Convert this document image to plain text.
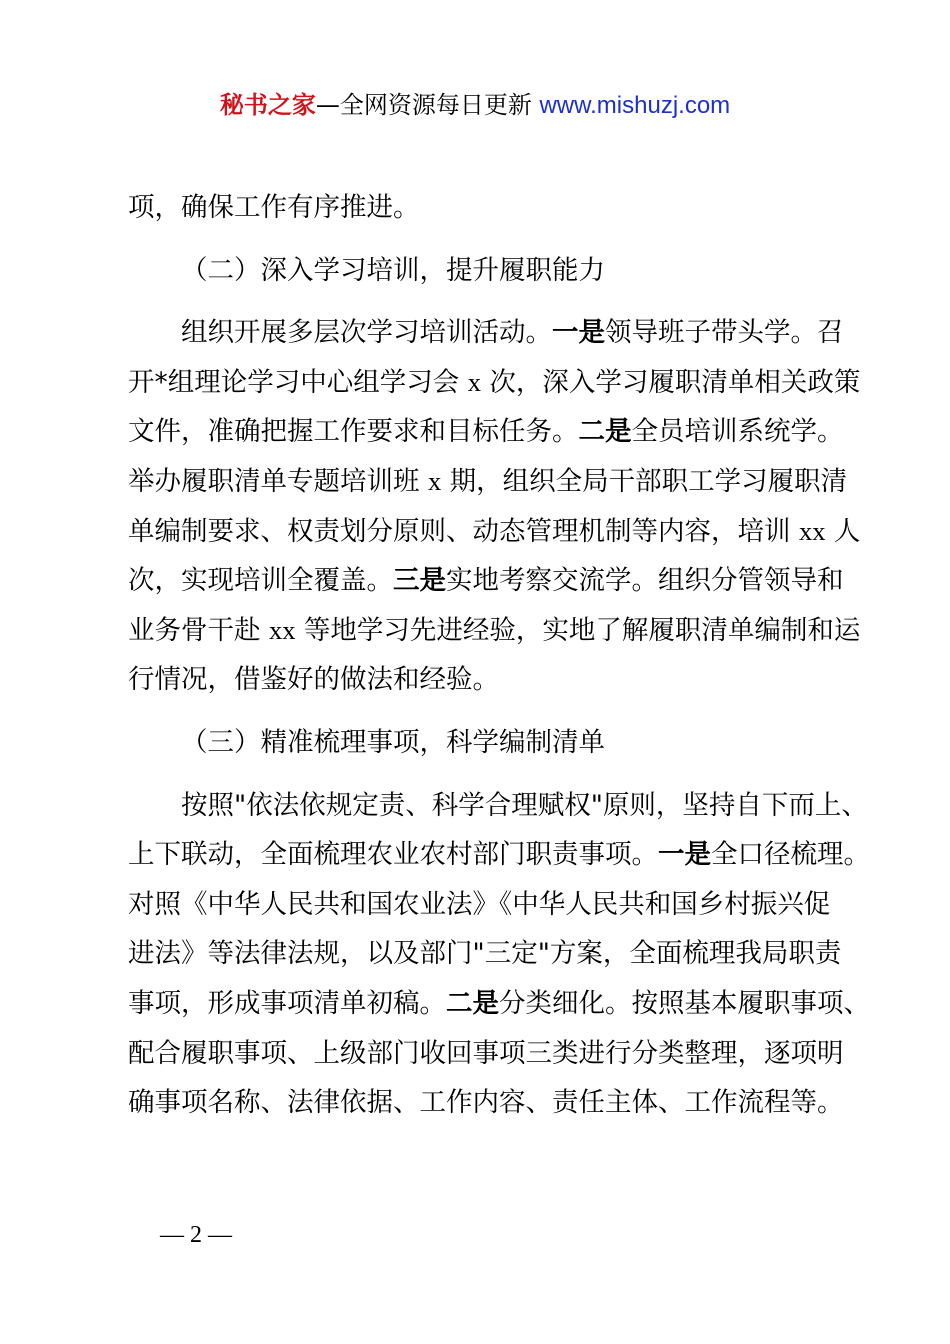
秘书之家—全网资源每日更新 www.mishuzj.com

项，确保工作有序推进。

（二）深入学习培训，提升履职能力

组织开展多层次学习培训活动。一是领导班子带头学。召

开*组理论学习中心组学习会 x 次，深入学习履职清单相关政策

文件，准确把握工作要求和目标任务。二是全员培训系统学。

举办履职清单专题培训班 x 期，组织全局干部职工学习履职清

单编制要求、权责划分原则、动态管理机制等内容，培训 xx 人

次，实现培训全覆盖。三是实地考察交流学。组织分管领导和

业务骨干赴 xx 等地学习先进经验，实地了解履职清单编制和运

行情况，借鉴好的做法和经验。

（三）精准梳理事项，科学编制清单

按照"依法依规定责、科学合理赋权"原则，坚持自下而上、

上下联动，全面梳理农业农村部门职责事项。一是全口径梳理。

对照《中华人民共和国农业法》《中华人民共和国乡村振兴促

进法》等法律法规，以及部门"三定"方案，全面梳理我局职责

事项，形成事项清单初稿。二是分类细化。按照基本履职事项、

配合履职事项、上级部门收回事项三类进行分类整理，逐项明

确事项名称、法律依据、工作内容、责任主体、工作流程等。

— 2 —
